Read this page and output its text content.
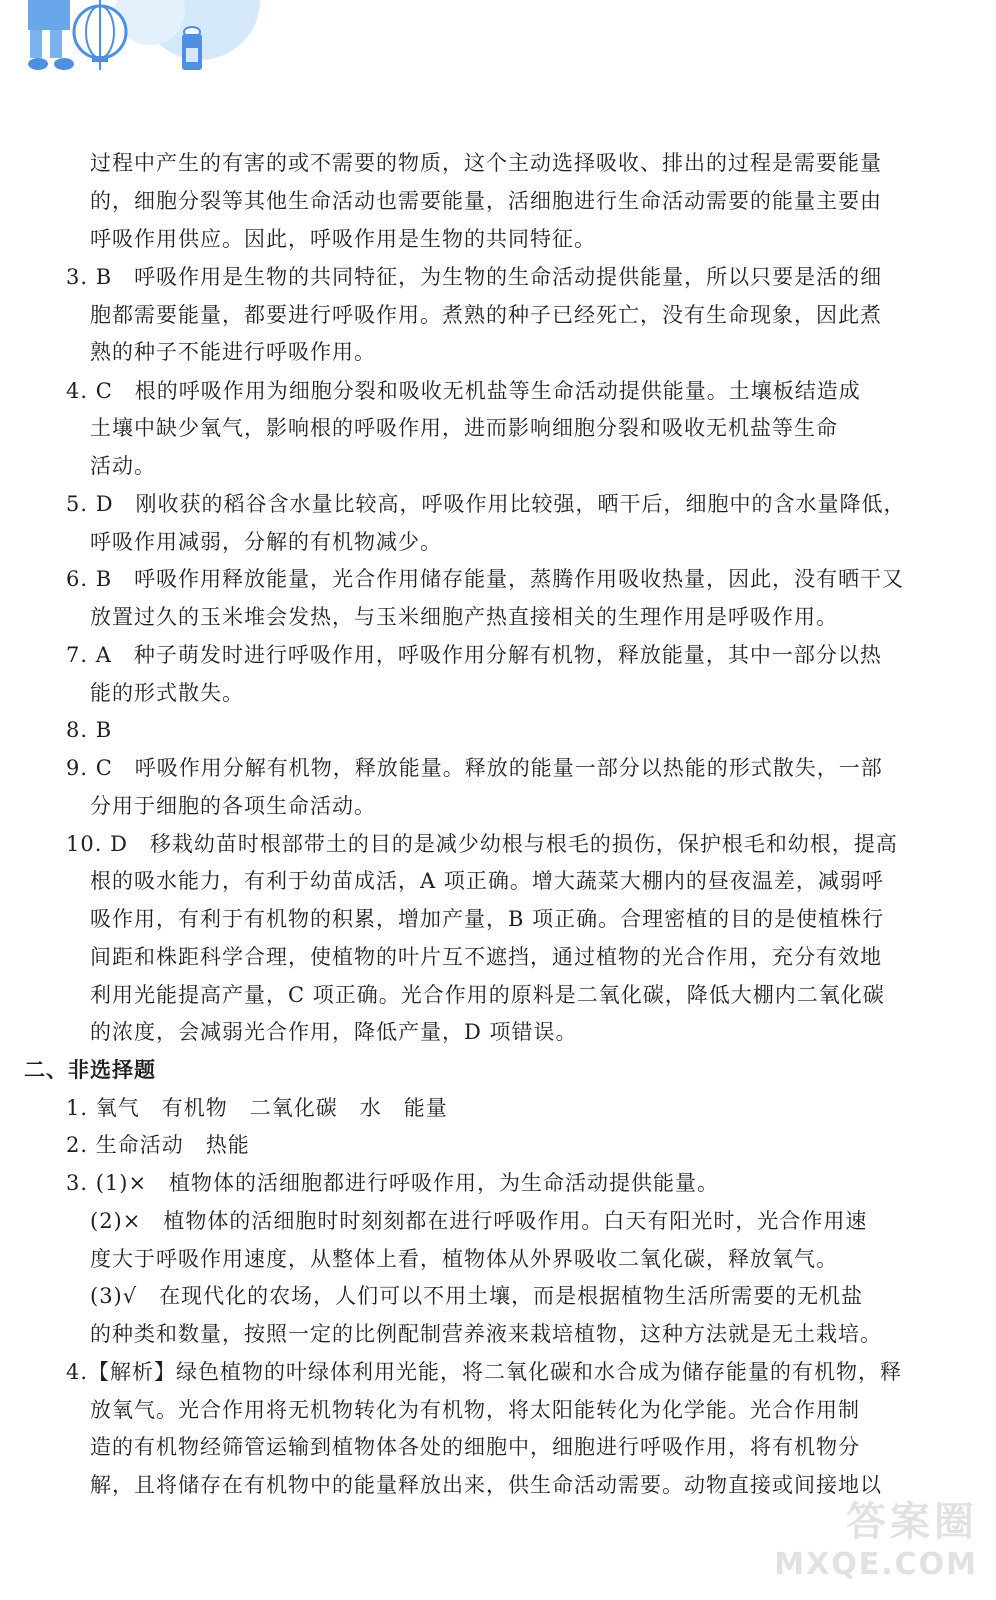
过程中产生的有害的或不需要的物质，这个主动选择吸收、排出的过程是需要能量
的，细胞分裂等其他生命活动也需要能量，活细胞进行生命活动需要的能量主要由
呼吸作用供应。因此，呼吸作用是生物的共同特征。
3. B　呼吸作用是生物的共同特征，为生物的生命活动提供能量，所以只要是活的细
胞都需要能量，都要进行呼吸作用。煮熟的种子已经死亡，没有生命现象，因此煮
熟的种子不能进行呼吸作用。
4. C　根的呼吸作用为细胞分裂和吸收无机盐等生命活动提供能量。土壤板结造成
土壤中缺少氧气，影响根的呼吸作用，进而影响细胞分裂和吸收无机盐等生命
活动。
5. D　刚收获的稻谷含水量比较高，呼吸作用比较强，晒干后，细胞中的含水量降低，
呼吸作用减弱，分解的有机物减少。
6. B　呼吸作用释放能量，光合作用储存能量，蒸腾作用吸收热量，因此，没有晒干又
放置过久的玉米堆会发热，与玉米细胞产热直接相关的生理作用是呼吸作用。
7. A　种子萌发时进行呼吸作用，呼吸作用分解有机物，释放能量，其中一部分以热
能的形式散失。
8. B
9. C　呼吸作用分解有机物，释放能量。释放的能量一部分以热能的形式散失，一部
分用于细胞的各项生命活动。
10. D　移栽幼苗时根部带土的目的是减少幼根与根毛的损伤，保护根毛和幼根，提高
根的吸水能力，有利于幼苗成活，A 项正确。增大蔬菜大棚内的昼夜温差，减弱呼
吸作用，有利于有机物的积累，增加产量，B 项正确。合理密植的目的是使植株行
间距和株距科学合理，使植物的叶片互不遮挡，通过植物的光合作用，充分有效地
利用光能提高产量，C 项正确。光合作用的原料是二氧化碳，降低大棚内二氧化碳
的浓度，会减弱光合作用，降低产量，D 项错误。
二、非选择题
1. 氧气　有机物　二氧化碳　水　能量
2. 生命活动　热能
3. (1)×　植物体的活细胞都进行呼吸作用，为生命活动提供能量。
(2)×　植物体的活细胞时时刻刻都在进行呼吸作用。白天有阳光时，光合作用速
度大于呼吸作用速度，从整体上看，植物体从外界吸收二氧化碳，释放氧气。
(3)√　在现代化的农场，人们可以不用土壤，而是根据植物生活所需要的无机盐
的种类和数量，按照一定的比例配制营养液来栽培植物，这种方法就是无土栽培。
4.【解析】绿色植物的叶绿体利用光能，将二氧化碳和水合成为储存能量的有机物，释
放氧气。光合作用将无机物转化为有机物，将太阳能转化为化学能。光合作用制
造的有机物经筛管运输到植物体各处的细胞中，细胞进行呼吸作用，将有机物分
解，且将储存在有机物中的能量释放出来，供生命活动需要。动物直接或间接地以
答案圈
MXQE.COM
